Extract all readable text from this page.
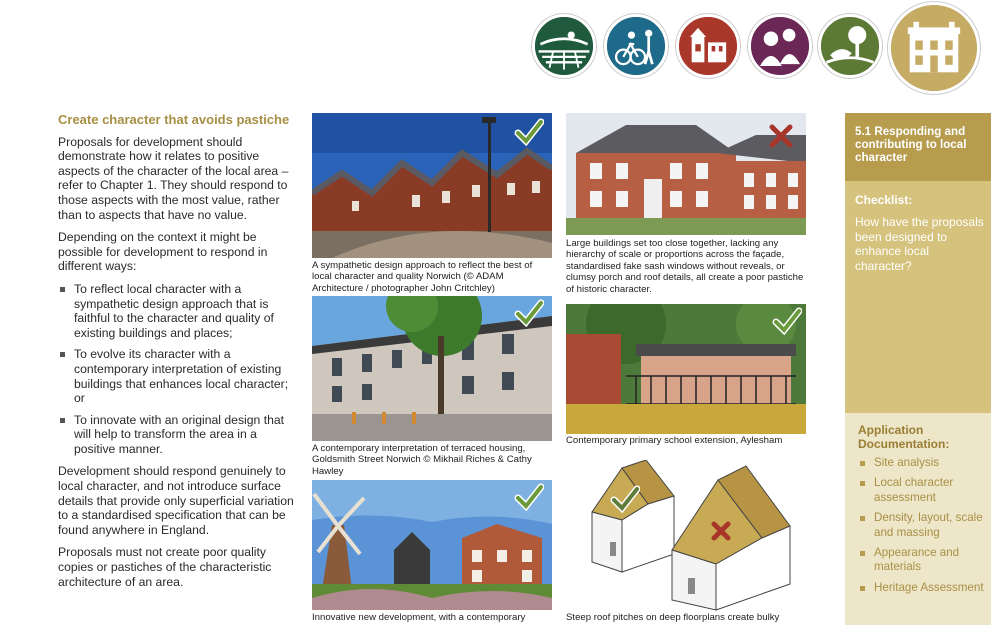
Create character that avoids pastiche

Proposals for development should demonstrate how it relates to positive aspects of the character of the local area – refer to Chapter 1. They should respond to those aspects with the most value, rather than to aspects that have no value.

Depending on the context it might be possible for development to respond in different ways:

To reflect local character with a sympathetic design approach that is faithful to the character and quality of existing buildings and places;
To evolve its character with a contemporary interpretation of existing buildings that enhances local character; or
To innovate with an original design that will help to transform the area in a positive manner.

Development should respond genuinely to local character, and not introduce surface details that provide only superficial variation to a standardised specification that can be found anywhere in England.

Proposals must not create poor quality copies or pastiches of the characteristic architecture of an area.

A sympathetic design approach to reflect the best of local character and quality Norwich (© ADAM Architecture / photographer John Critchley)
Large buildings set too close together, lacking any hierarchy of scale or proportions across the façade, standardised fake sash windows without reveals, or clumsy porch and roof details, all create a poor pastiche of historic character.
A contemporary interpretation of terraced housing, Goldsmith Street Norwich © Mikhail Riches & Cathy Hawley
Contemporary primary school extension, Aylesham
Innovative new development, with a contemporary	Steep roof pitches on deep floorplans create bulky
5.1 Responding and contributing to local character
Checklist:
How have the proposals been designed to enhance local character?
Application Documentation:
Site analysis
Local character assessment
Density, layout, scale and massing
Appearance and materials
Heritage Assessment
